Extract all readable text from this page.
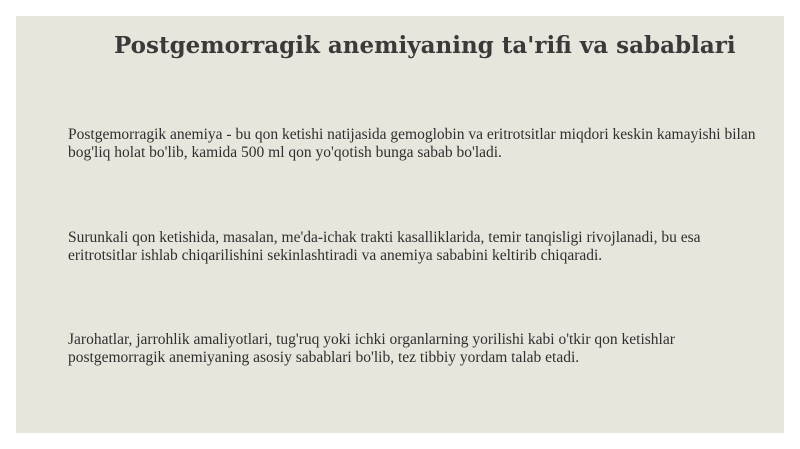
Postgemorragik anemiyaning ta'rifi va sabablari
Postgemorragik anemiya - bu qon ketishi natijasida gemoglobin va eritrotsitlar miqdori keskin kamayishi bilan bog'liq holat bo'lib, kamida 500 ml qon yo'qotish bunga sabab bo'ladi.
Surunkali qon ketishida, masalan, me'da-ichak trakti kasalliklarida, temir tanqisligi rivojlanadi, bu esa eritrotsitlar ishlab chiqarilishini sekinlashtiradi va anemiya sababini keltirib chiqaradi.
Jarohatlar, jarrohlik amaliyotlari, tug'ruq yoki ichki organlarning yorilishi kabi o'tkir qon ketishlar postgemorragik anemiyaning asosiy sabablari bo'lib, tez tibbiy yordam talab etadi.
